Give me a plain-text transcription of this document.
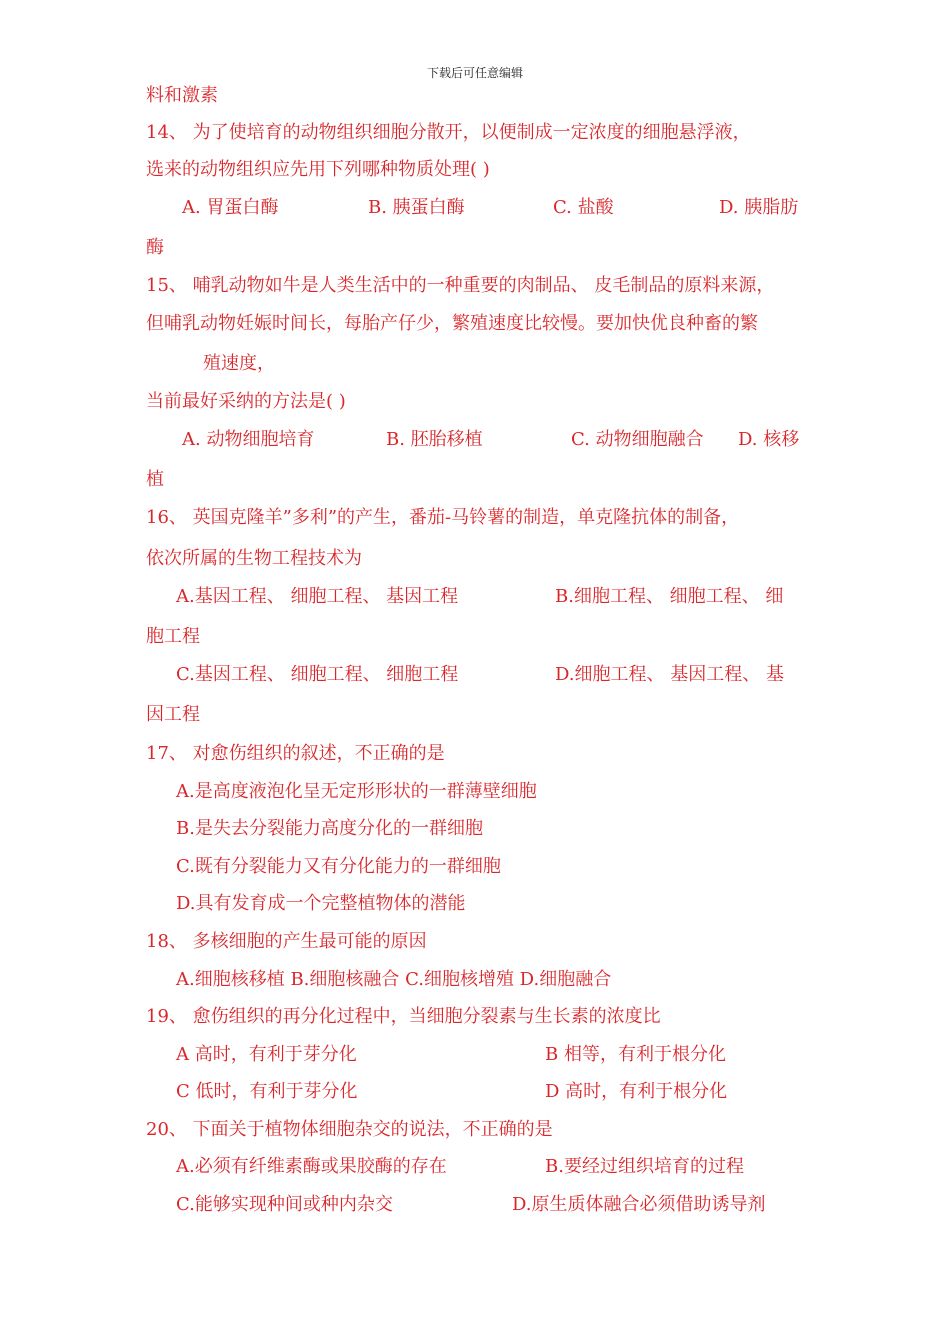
下载后可任意编辑
料和激素
14、 为了使培育的动物组织细胞分散开，以便制成一定浓度的细胞悬浮液，
选来的动物组织应先用下列哪种物质处理( )
A. 胃蛋白酶	B. 胰蛋白酶	C. 盐酸	D. 胰脂肪
酶
15、 哺乳动物如牛是人类生活中的一种重要的肉制品、 皮毛制品的原料来源，
但哺乳动物妊娠时间长，每胎产仔少，繁殖速度比较慢。要加快优良种畜的繁
殖速度，
当前最好采纳的方法是( )
A. 动物细胞培育	B. 胚胎移植	C. 动物细胞融合 D. 核移
植
16、 英国克隆羊”多利”的产生，番茄-马铃薯的制造，单克隆抗体的制备，
依次所属的生物工程技术为
A.基因工程、 细胞工程、 基因工程	B.细胞工程、 细胞工程、 细
胞工程
C.基因工程、 细胞工程、 细胞工程	D.细胞工程、 基因工程、 基
因工程
17、 对愈伤组织的叙述，不正确的是
A.是高度液泡化呈无定形形状的一群薄壁细胞
B.是失去分裂能力高度分化的一群细胞
C.既有分裂能力又有分化能力的一群细胞
D.具有发育成一个完整植物体的潜能
18、 多核细胞的产生最可能的原因
A.细胞核移植 B.细胞核融合 C.细胞核增殖 D.细胞融合
19、 愈伤组织的再分化过程中，当细胞分裂素与生长素的浓度比
A 高时，有利于芽分化	B 相等，有利于根分化
C 低时，有利于芽分化	D 高时，有利于根分化
20、 下面关于植物体细胞杂交的说法，不正确的是
A.必须有纤维素酶或果胶酶的存在	B.要经过组织培育的过程
C.能够实现种间或种内杂交	D.原生质体融合必须借助诱导剂
